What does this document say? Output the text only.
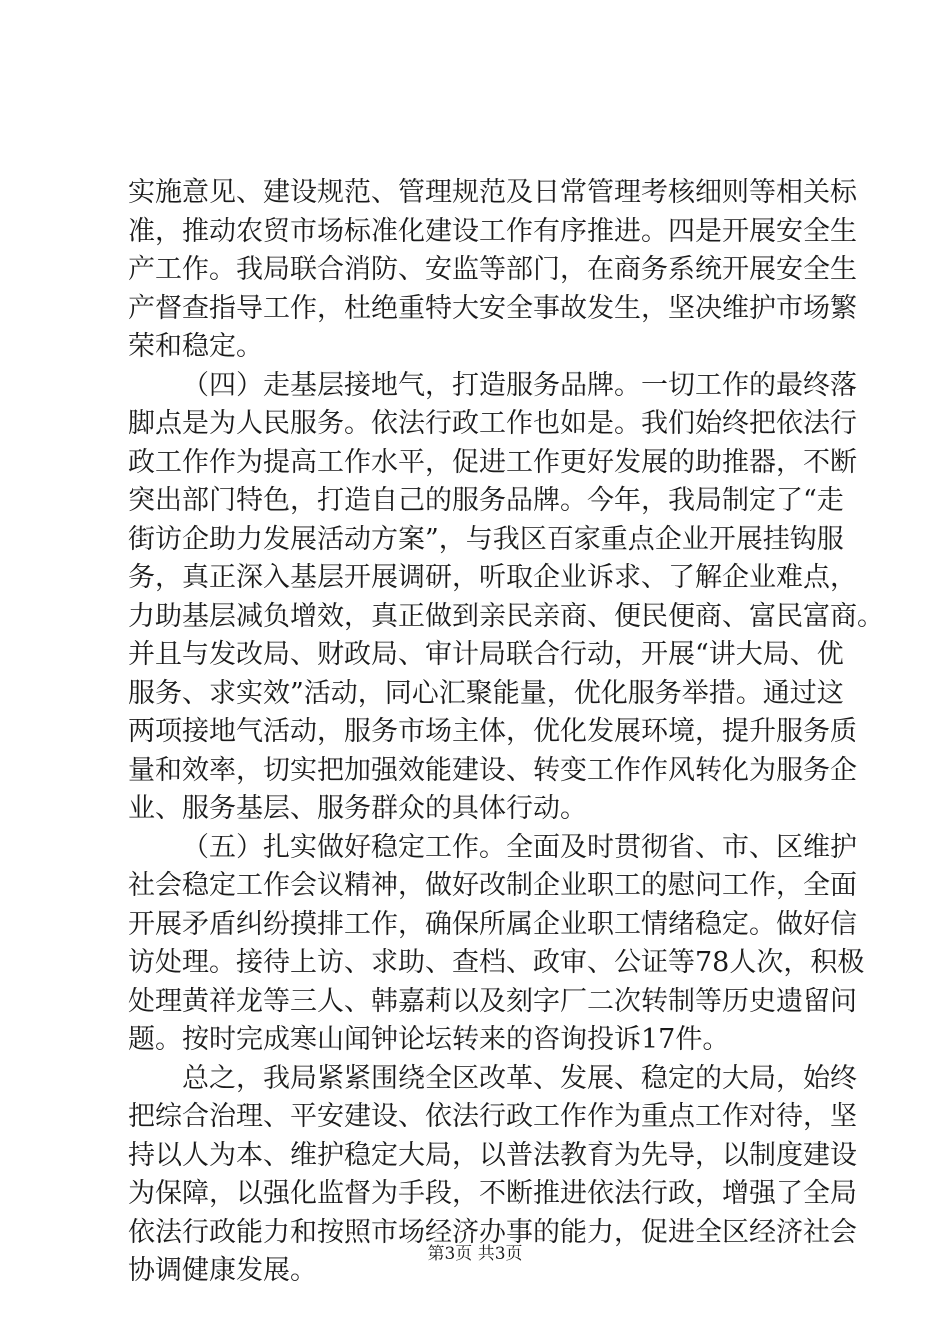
实施意见、建设规范、管理规范及日常管理考核细则等相关标
准，推动农贸市场标准化建设工作有序推进。四是开展安全生
产工作。我局联合消防、安监等部门，在商务系统开展安全生
产督查指导工作，杜绝重特大安全事故发生，坚决维护市场繁
荣和稳定。
（四）走基层接地气，打造服务品牌。一切工作的最终落
脚点是为人民服务。依法行政工作也如是。我们始终把依法行
政工作作为提高工作水平，促进工作更好发展的助推器，不断
突出部门特色，打造自己的服务品牌。今年，我局制定了“走
街访企助力发展活动方案”，与我区百家重点企业开展挂钩服
务，真正深入基层开展调研，听取企业诉求、了解企业难点，
力助基层减负增效，真正做到亲民亲商、便民便商、富民富商。
并且与发改局、财政局、审计局联合行动，开展“讲大局、优
服务、求实效”活动，同心汇聚能量，优化服务举措。通过这
两项接地气活动，服务市场主体，优化发展环境，提升服务质
量和效率，切实把加强效能建设、转变工作作风转化为服务企
业、服务基层、服务群众的具体行动。
（五）扎实做好稳定工作。全面及时贯彻省、市、区维护
社会稳定工作会议精神，做好改制企业职工的慰问工作，全面
开展矛盾纠纷摸排工作，确保所属企业职工情绪稳定。做好信
访处理。接待上访、求助、查档、政审、公证等78人次，积极
处理黄祥龙等三人、韩嘉莉以及刻字厂二次转制等历史遗留问
题。按时完成寒山闻钟论坛转来的咨询投诉17件。
总之，我局紧紧围绕全区改革、发展、稳定的大局，始终
把综合治理、平安建设、依法行政工作作为重点工作对待，坚
持以人为本、维护稳定大局，以普法教育为先导，以制度建设
为保障，以强化监督为手段，不断推进依法行政，增强了全局
依法行政能力和按照市场经济办事的能力，促进全区经济社会
协调健康发展。
第3页 共3页
